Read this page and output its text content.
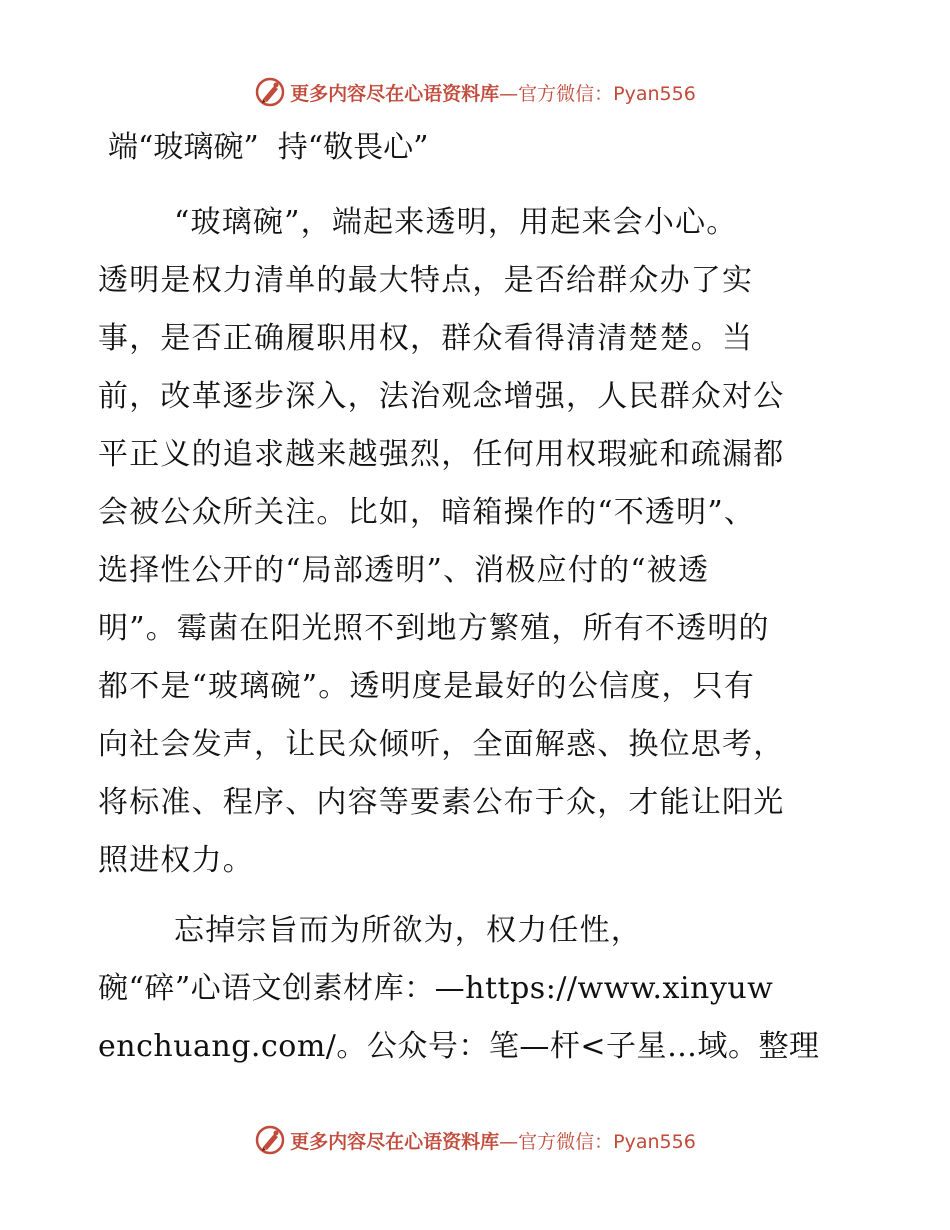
更多内容尽在心语资料库 —官方微信：Pyan556
端“玻璃碗”  持“敬畏心”
“玻璃碗”，端起来透明，用起来会小心。
透明是权力清单的最大特点，是否给群众办了实
事，是否正确履职用权，群众看得清清楚楚。当
前，改革逐步深入，法治观念增强，人民群众对公
平正义的追求越来越强烈，任何用权瑕疵和疏漏都
会被公众所关注。比如，暗箱操作的“不透明”、
选择性公开的“局部透明”、消极应付的“被透
明”。霉菌在阳光照不到地方繁殖，所有不透明的
都不是“玻璃碗”。透明度是最好的公信度，只有
向社会发声，让民众倾听，全面解惑、换位思考，
将标准、程序、内容等要素公布于众，才能让阳光
照进权力。
忘掉宗旨而为所欲为，权力任性，
碗“碎”心语文创素材库：—https://www.xinyuw
enchuang.com/。公众号：笔—杆<子星…域。整理
更多内容尽在心语资料库 —官方微信：Pyan556
